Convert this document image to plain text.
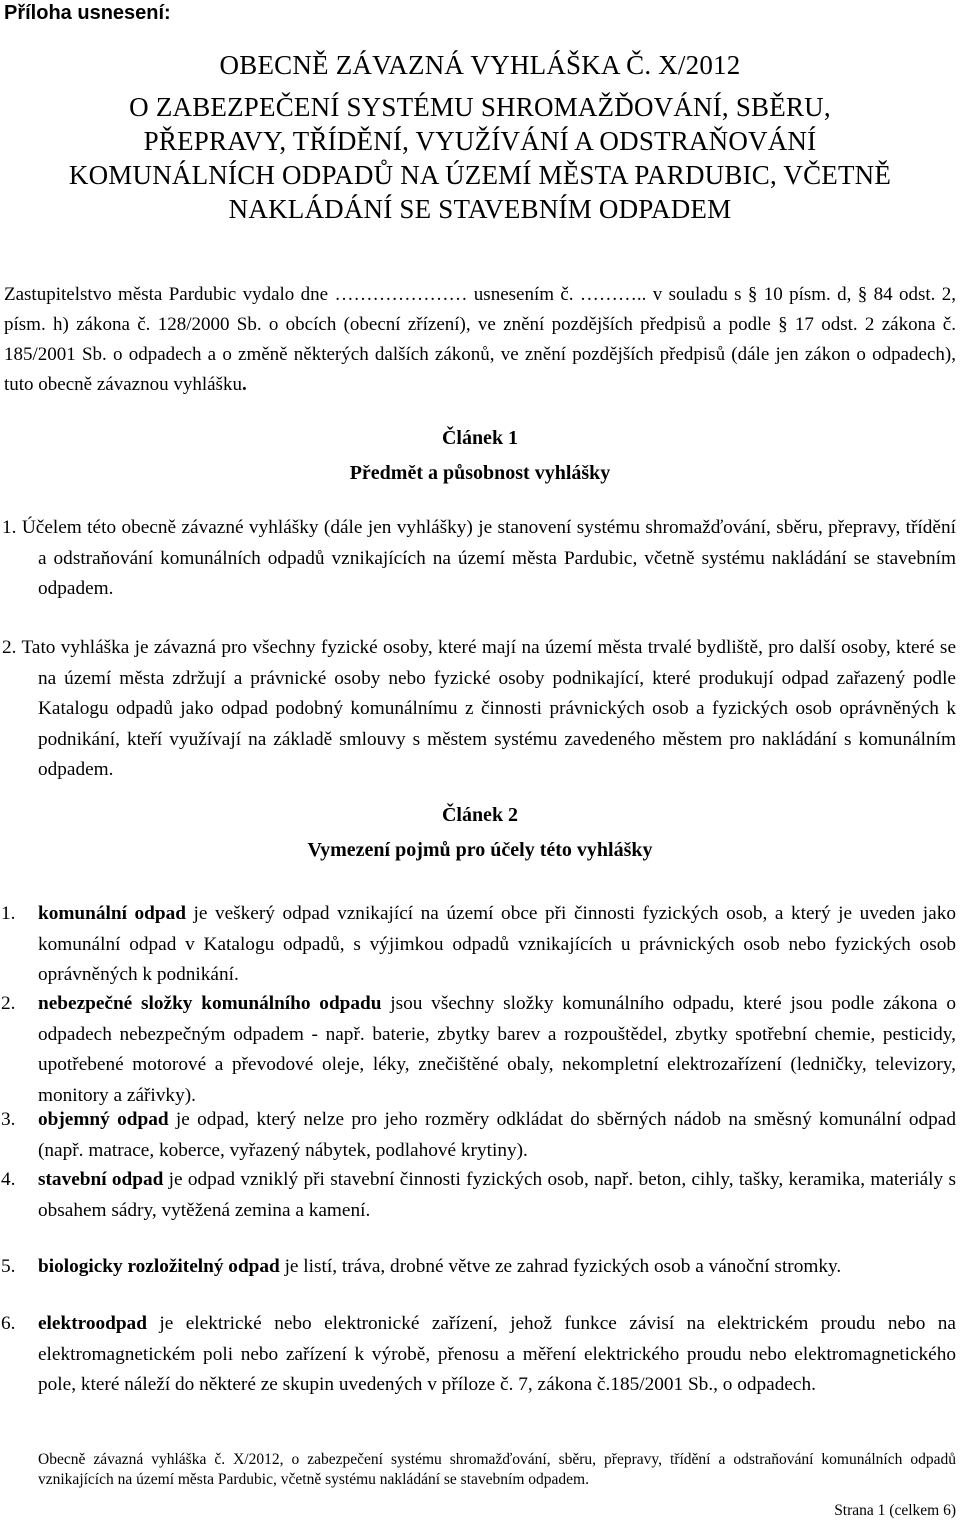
Příloha usnesení:
OBECNĚ ZÁVAZNÁ VYHLÁŠKA Č. X/2012
O ZABEZPEČENÍ SYSTÉMU SHROMAŽĎOVÁNÍ, SBĚRU,
PŘEPRAVY, TŘÍDĚNÍ, VYUŽÍVÁNÍ A ODSTRAŇOVÁNÍ
KOMUNÁLNÍCH ODPADŮ NA ÚZEMÍ MĚSTA PARDUBIC, VČETNĚ
NAKLÁDÁNÍ SE STAVEBNÍM ODPADEM
Zastupitelstvo města Pardubic vydalo dne ………………… usnesením č. ……….. v souladu s § 10 písm. d, § 84 odst. 2, písm. h) zákona č. 128/2000 Sb. o obcích (obecní zřízení), ve znění pozdějších předpisů a podle § 17 odst. 2 zákona č. 185/2001 Sb. o odpadech a o změně některých dalších zákonů, ve znění pozdějších předpisů (dále jen zákon o odpadech), tuto obecně závaznou vyhlášku.
Článek 1
Předmět a působnost vyhlášky
1. Účelem této obecně závazné vyhlášky (dále jen vyhlášky) je stanovení systému shromažďování, sběru, přepravy, třídění a odstraňování komunálních odpadů vznikajících na území města Pardubic, včetně systému nakládání se stavebním odpadem.
2. Tato vyhláška je závazná pro všechny fyzické osoby, které mají na území města trvalé bydliště, pro další osoby, které se na území města zdržují a právnické osoby nebo fyzické osoby podnikající, které produkují odpad zařazený podle Katalogu odpadů jako odpad podobný komunálnímu z činnosti právnických osob a fyzických osob oprávněných k podnikání, kteří využívají na základě smlouvy s městem systému zavedeného městem pro nakládání s komunálním odpadem.
Článek 2
Vymezení pojmů pro účely této vyhlášky
1. komunální odpad je veškerý odpad vznikající na území obce při činnosti fyzických osob, a který je uveden jako komunální odpad v Katalogu odpadů, s výjimkou odpadů vznikajících u právnických osob nebo fyzických osob oprávněných k podnikání.
2. nebezpečné složky komunálního odpadu jsou všechny složky komunálního odpadu, které jsou podle zákona o odpadech nebezpečným odpadem - např. baterie, zbytky barev a rozpouštědel, zbytky spotřební chemie, pesticidy, upotřebené motorové a převodové oleje, léky, znečištěné obaly, nekompletní elektrozařízení (ledničky, televizory, monitory a zářivky).
3. objemný odpad je odpad, který nelze pro jeho rozměry odkládat do sběrných nádob na směsný komunální odpad (např. matrace, koberce, vyřazený nábytek, podlahové krytiny).
4. stavební odpad je odpad vzniklý při stavební činnosti fyzických osob, např. beton, cihly, tašky, keramika, materiály s obsahem sádry, vytěžená zemina a kamení.
5. biologicky rozložitelný odpad je listí, tráva, drobné větve ze zahrad fyzických osob a vánoční stromky.
6. elektroodpad je elektrické nebo elektronické zařízení, jehož funkce závisí na elektrickém proudu nebo na elektromagnetickém poli nebo zařízení k výrobě, přenosu a měření elektrického proudu nebo elektromagnetického pole, které náleží do některé ze skupin uvedených v příloze č. 7, zákona č.185/2001 Sb., o odpadech.
Obecně závazná vyhláška č. X/2012, o zabezpečení systému shromažďování, sběru, přepravy, třídění a odstraňování komunálních odpadů vznikajících na území města Pardubic, včetně systému nakládání se stavebním odpadem.
Strana 1 (celkem 6)
